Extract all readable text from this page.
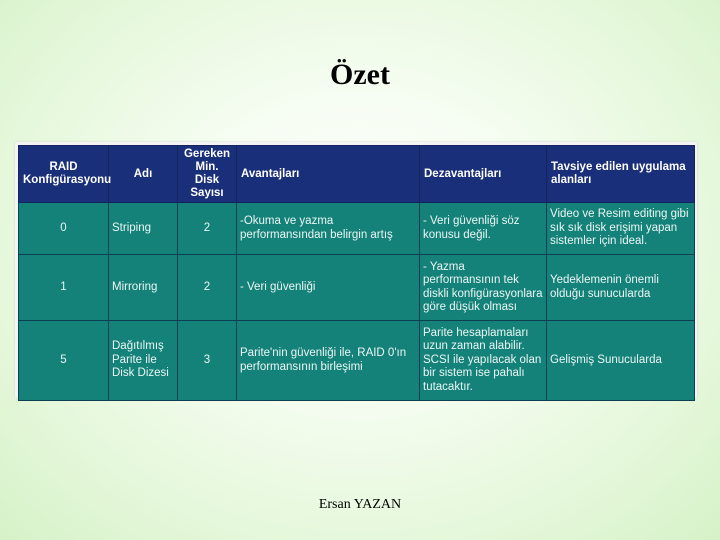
Özet
RAID Konfigürasyonu	Adı	Gereken Min. Disk Sayısı	Avantajları	Dezavantajları	Tavsiye edilen uygulama alanları
0	Striping	2	-Okuma ve yazma performansından belirgin artış	- Veri güvenliği söz konusu değil.	Video ve Resim editing gibi sık sık disk erişimi yapan sistemler için ideal.
1	Mirroring	2	- Veri güvenliği	- Yazma performansının tek diskli konfigürasyonlara göre düşük olması	Yedeklemenin önemli olduğu sunucularda
5	Dağıtılmış Parite ile Disk Dizesi	3	Parite'nin güvenliği ile, RAID 0'ın performansının birleşimi	Parite hesaplamaları uzun zaman alabilir. SCSI ile yapılacak olan bir sistem ise pahalı tutacaktır.	Gelişmiş Sunucularda
Ersan YAZAN
